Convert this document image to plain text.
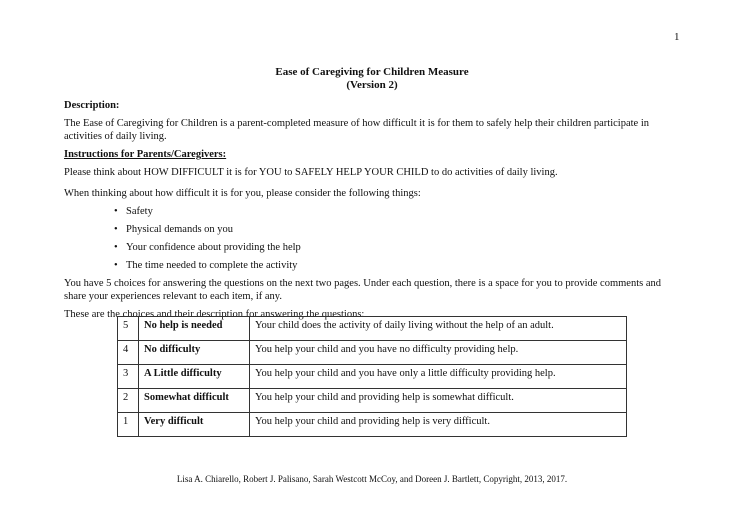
1
Ease of Caregiving for Children Measure
(Version 2)

Description:

The Ease of Caregiving for Children is a parent-completed measure of how difficult it is for them to safely help their children participate in activities of daily living.

Instructions for Parents/Caregivers:

Please think about HOW DIFFICULT it is for YOU to SAFELY HELP YOUR CHILD to do activities of daily living.

When thinking about how difficult it is for you, please consider the following things:

• Safety
• Physical demands on you
• Your confidence about providing the help
• The time needed to complete the activity

You have 5 choices for answering the questions on the next two pages. Under each question, there is a space for you to provide comments and share your experiences relevant to each item, if any.

These are the choices and their description for answering the questions:

5	No help is needed	Your child does the activity of daily living without the help of an adult.
4	No difficulty	You help your child and you have no difficulty providing help.
3	A Little difficulty	You help your child and you have only a little difficulty providing help.
2	Somewhat difficult	You help your child and providing help is somewhat difficult.
1	Very difficult	You help your child and providing help is very difficult.
Lisa A. Chiarello, Robert J. Palisano, Sarah Westcott McCoy, and Doreen J. Bartlett, Copyright, 2013, 2017.
